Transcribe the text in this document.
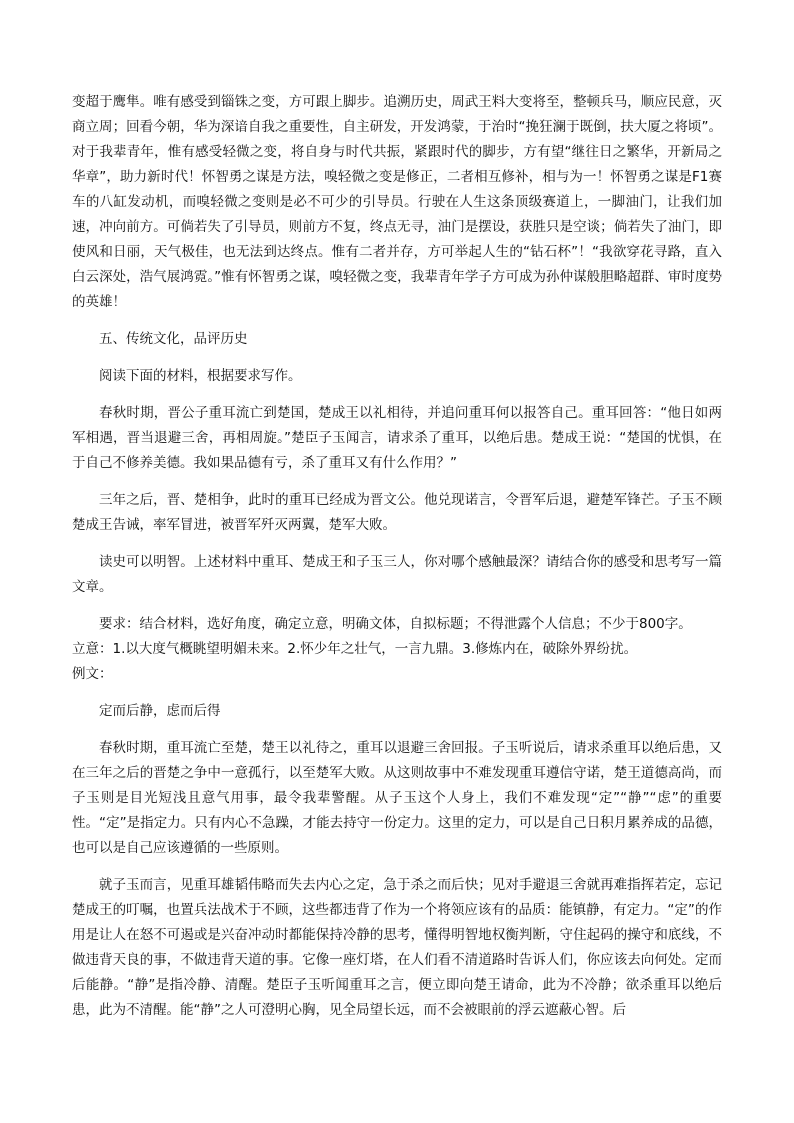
变超于鹰隼。唯有感受到锱铢之变，方可跟上脚步。追溯历史，周武王料大变将至，整顿兵马，顺应民意，灭商立周；回看今朝，华为深谙自我之重要性，自主研发，开发鸿蒙，于治时“挽狂澜于既倒，扶大厦之将顷”。对于我辈青年，惟有感受轻微之变，将自身与时代共振，紧跟时代的脚步，方有望“继往日之繁华，开新局之华章”，助力新时代！怀智勇之谋是方法，嗅轻微之变是修正，二者相互修补，相与为一！怀智勇之谋是F1赛车的八缸发动机，而嗅轻微之变则是必不可少的引导员。行驶在人生这条顶级赛道上，一脚油门，让我们加速，冲向前方。可倘若失了引导员，则前方不复，终点无寻，油门是摆设，获胜只是空谈；倘若失了油门，即使风和日丽，天气极佳，也无法到达终点。惟有二者并存，方可举起人生的“钻石杯”！“我欲穿花寻路，直入白云深处，浩气展鸿霓。”惟有怀智勇之谋，嗅轻微之变，我辈青年学子方可成为孙仲谋般胆略超群、审时度势的英雄！

五、传统文化，品评历史

阅读下面的材料，根据要求写作。

春秋时期，晋公子重耳流亡到楚国，楚成王以礼相待，并追问重耳何以报答自己。重耳回答：“他日如两军相遇，晋当退避三舍，再相周旋。”楚臣子玉闻言，请求杀了重耳，以绝后患。楚成王说：“楚国的忧惧，在于自己不修养美德。我如果品德有亏，杀了重耳又有什么作用？”

三年之后，晋、楚相争，此时的重耳已经成为晋文公。他兑现诺言，令晋军后退，避楚军锋芒。子玉不顾楚成王告诫，率军冒进，被晋军歼灭两翼，楚军大败。

读史可以明智。上述材料中重耳、楚成王和子玉三人，你对哪个感触最深？请结合你的感受和思考写一篇文章。

要求：结合材料，选好角度，确定立意，明确文体，自拟标题；不得泄露个人信息；不少于800字。

立意：1.以大度气概眺望明媚未来。2.怀少年之壮气，一言九鼎。3.修炼内在，破除外界纷扰。

例文：

定而后静，虑而后得

春秋时期，重耳流亡至楚，楚王以礼待之，重耳以退避三舍回报。子玉听说后，请求杀重耳以绝后患，又在三年之后的晋楚之争中一意孤行，以至楚军大败。从这则故事中不难发现重耳遵信守诺，楚王道德高尚，而子玉则是目光短浅且意气用事，最令我辈警醒。从子玉这个人身上，我们不难发现“定”“静”“虑”的重要性。“定”是指定力。只有内心不急躁，才能去持守一份定力。这里的定力，可以是自己日积月累养成的品德，也可以是自己应该遵循的一些原则。

就子玉而言，见重耳雄韬伟略而失去内心之定，急于杀之而后快；见对手避退三舍就再难指挥若定，忘记楚成王的叮嘱，也置兵法战术于不顾，这些都违背了作为一个将领应该有的品质：能镇静，有定力。“定”的作用是让人在怒不可遏或是兴奋冲动时都能保持冷静的思考，懂得明智地权衡判断，守住起码的操守和底线，不做违背天良的事，不做违背天道的事。它像一座灯塔，在人们看不清道路时告诉人们，你应该去向何处。定而后能静。“静”是指冷静、清醒。楚臣子玉听闻重耳之言，便立即向楚王请命，此为不冷静；欲杀重耳以绝后患，此为不清醒。能“静”之人可澄明心胸，见全局望长远，而不会被眼前的浮云遮蔽心智。后
